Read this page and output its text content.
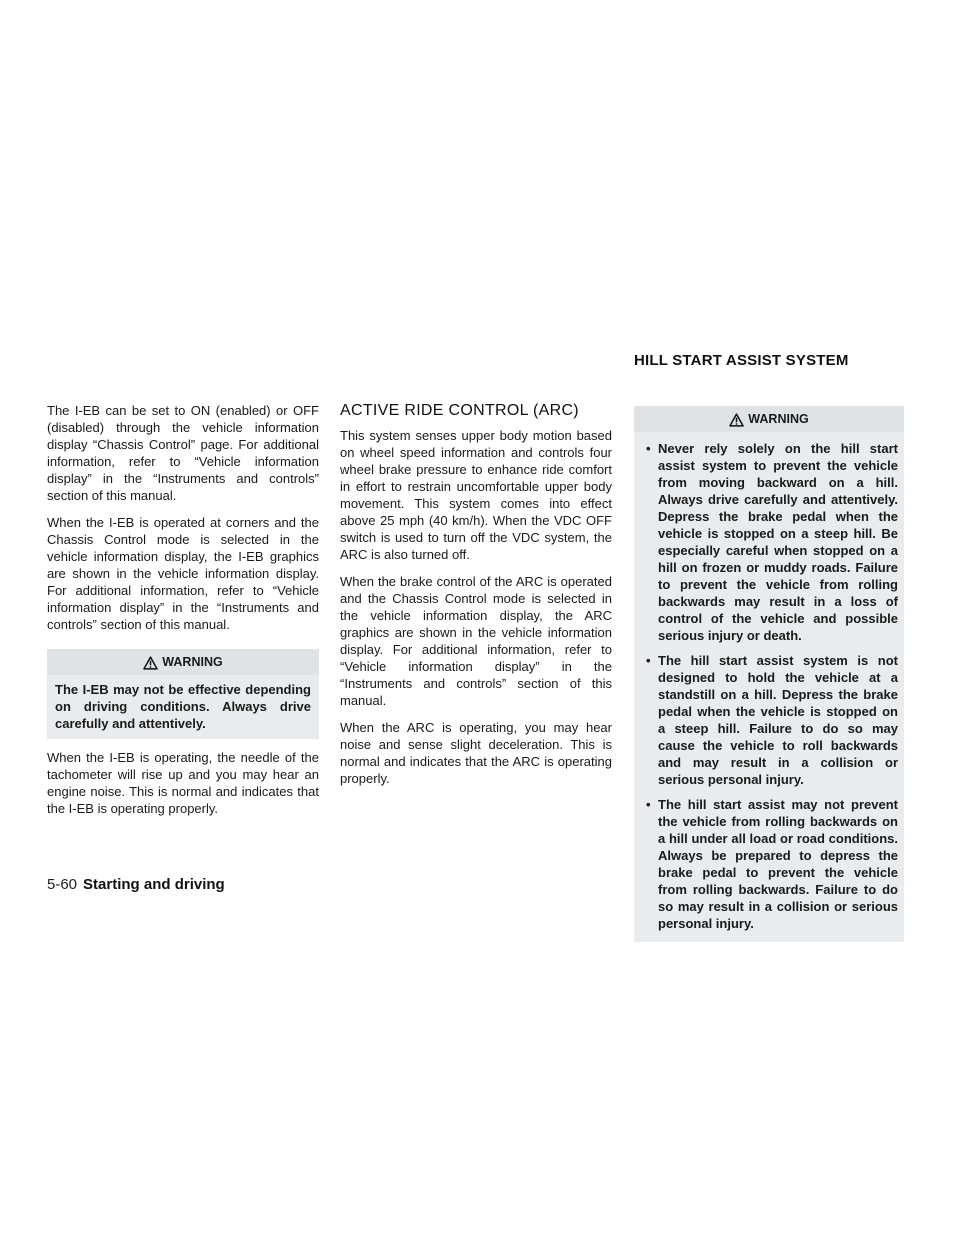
HILL START ASSIST SYSTEM

The I-EB can be set to ON (enabled) or OFF (disabled) through the vehicle information display “Chassis Control” page. For additional information, refer to “Vehicle information display” in the “Instruments and controls” section of this manual.

When the I-EB is operated at corners and the Chassis Control mode is selected in the vehicle information display, the I-EB graphics are shown in the vehicle information display. For additional information, refer to “Vehicle information display” in the “Instruments and controls” section of this manual.

WARNING
The I-EB may not be effective depending on driving conditions. Always drive carefully and attentively.

When the I-EB is operating, the needle of the tachometer will rise up and you may hear an engine noise. This is normal and indicates that the I-EB is operating properly.

ACTIVE RIDE CONTROL (ARC)

This system senses upper body motion based on wheel speed information and controls four wheel brake pressure to enhance ride comfort in effort to restrain uncomfortable upper body movement. This system comes into effect above 25 mph (40 km/h). When the VDC OFF switch is used to turn off the VDC system, the ARC is also turned off.

When the brake control of the ARC is operated and the Chassis Control mode is selected in the vehicle information display, the ARC graphics are shown in the vehicle information display. For additional information, refer to “Vehicle information display” in the “Instruments and controls” section of this manual.

When the ARC is operating, you may hear noise and sense slight deceleration. This is normal and indicates that the ARC is operating properly.

WARNING
• Never rely solely on the hill start assist system to prevent the vehicle from moving backward on a hill. Always drive carefully and attentively. Depress the brake pedal when the vehicle is stopped on a steep hill. Be especially careful when stopped on a hill on frozen or muddy roads. Failure to prevent the vehicle from rolling backwards may result in a loss of control of the vehicle and possible serious injury or death.
• The hill start assist system is not designed to hold the vehicle at a standstill on a hill. Depress the brake pedal when the vehicle is stopped on a steep hill. Failure to do so may cause the vehicle to roll backwards and may result in a collision or serious personal injury.
• The hill start assist may not prevent the vehicle from rolling backwards on a hill under all load or road conditions. Always be prepared to depress the brake pedal to prevent the vehicle from rolling backwards. Failure to do so may result in a collision or serious personal injury.
5-60 Starting and driving
